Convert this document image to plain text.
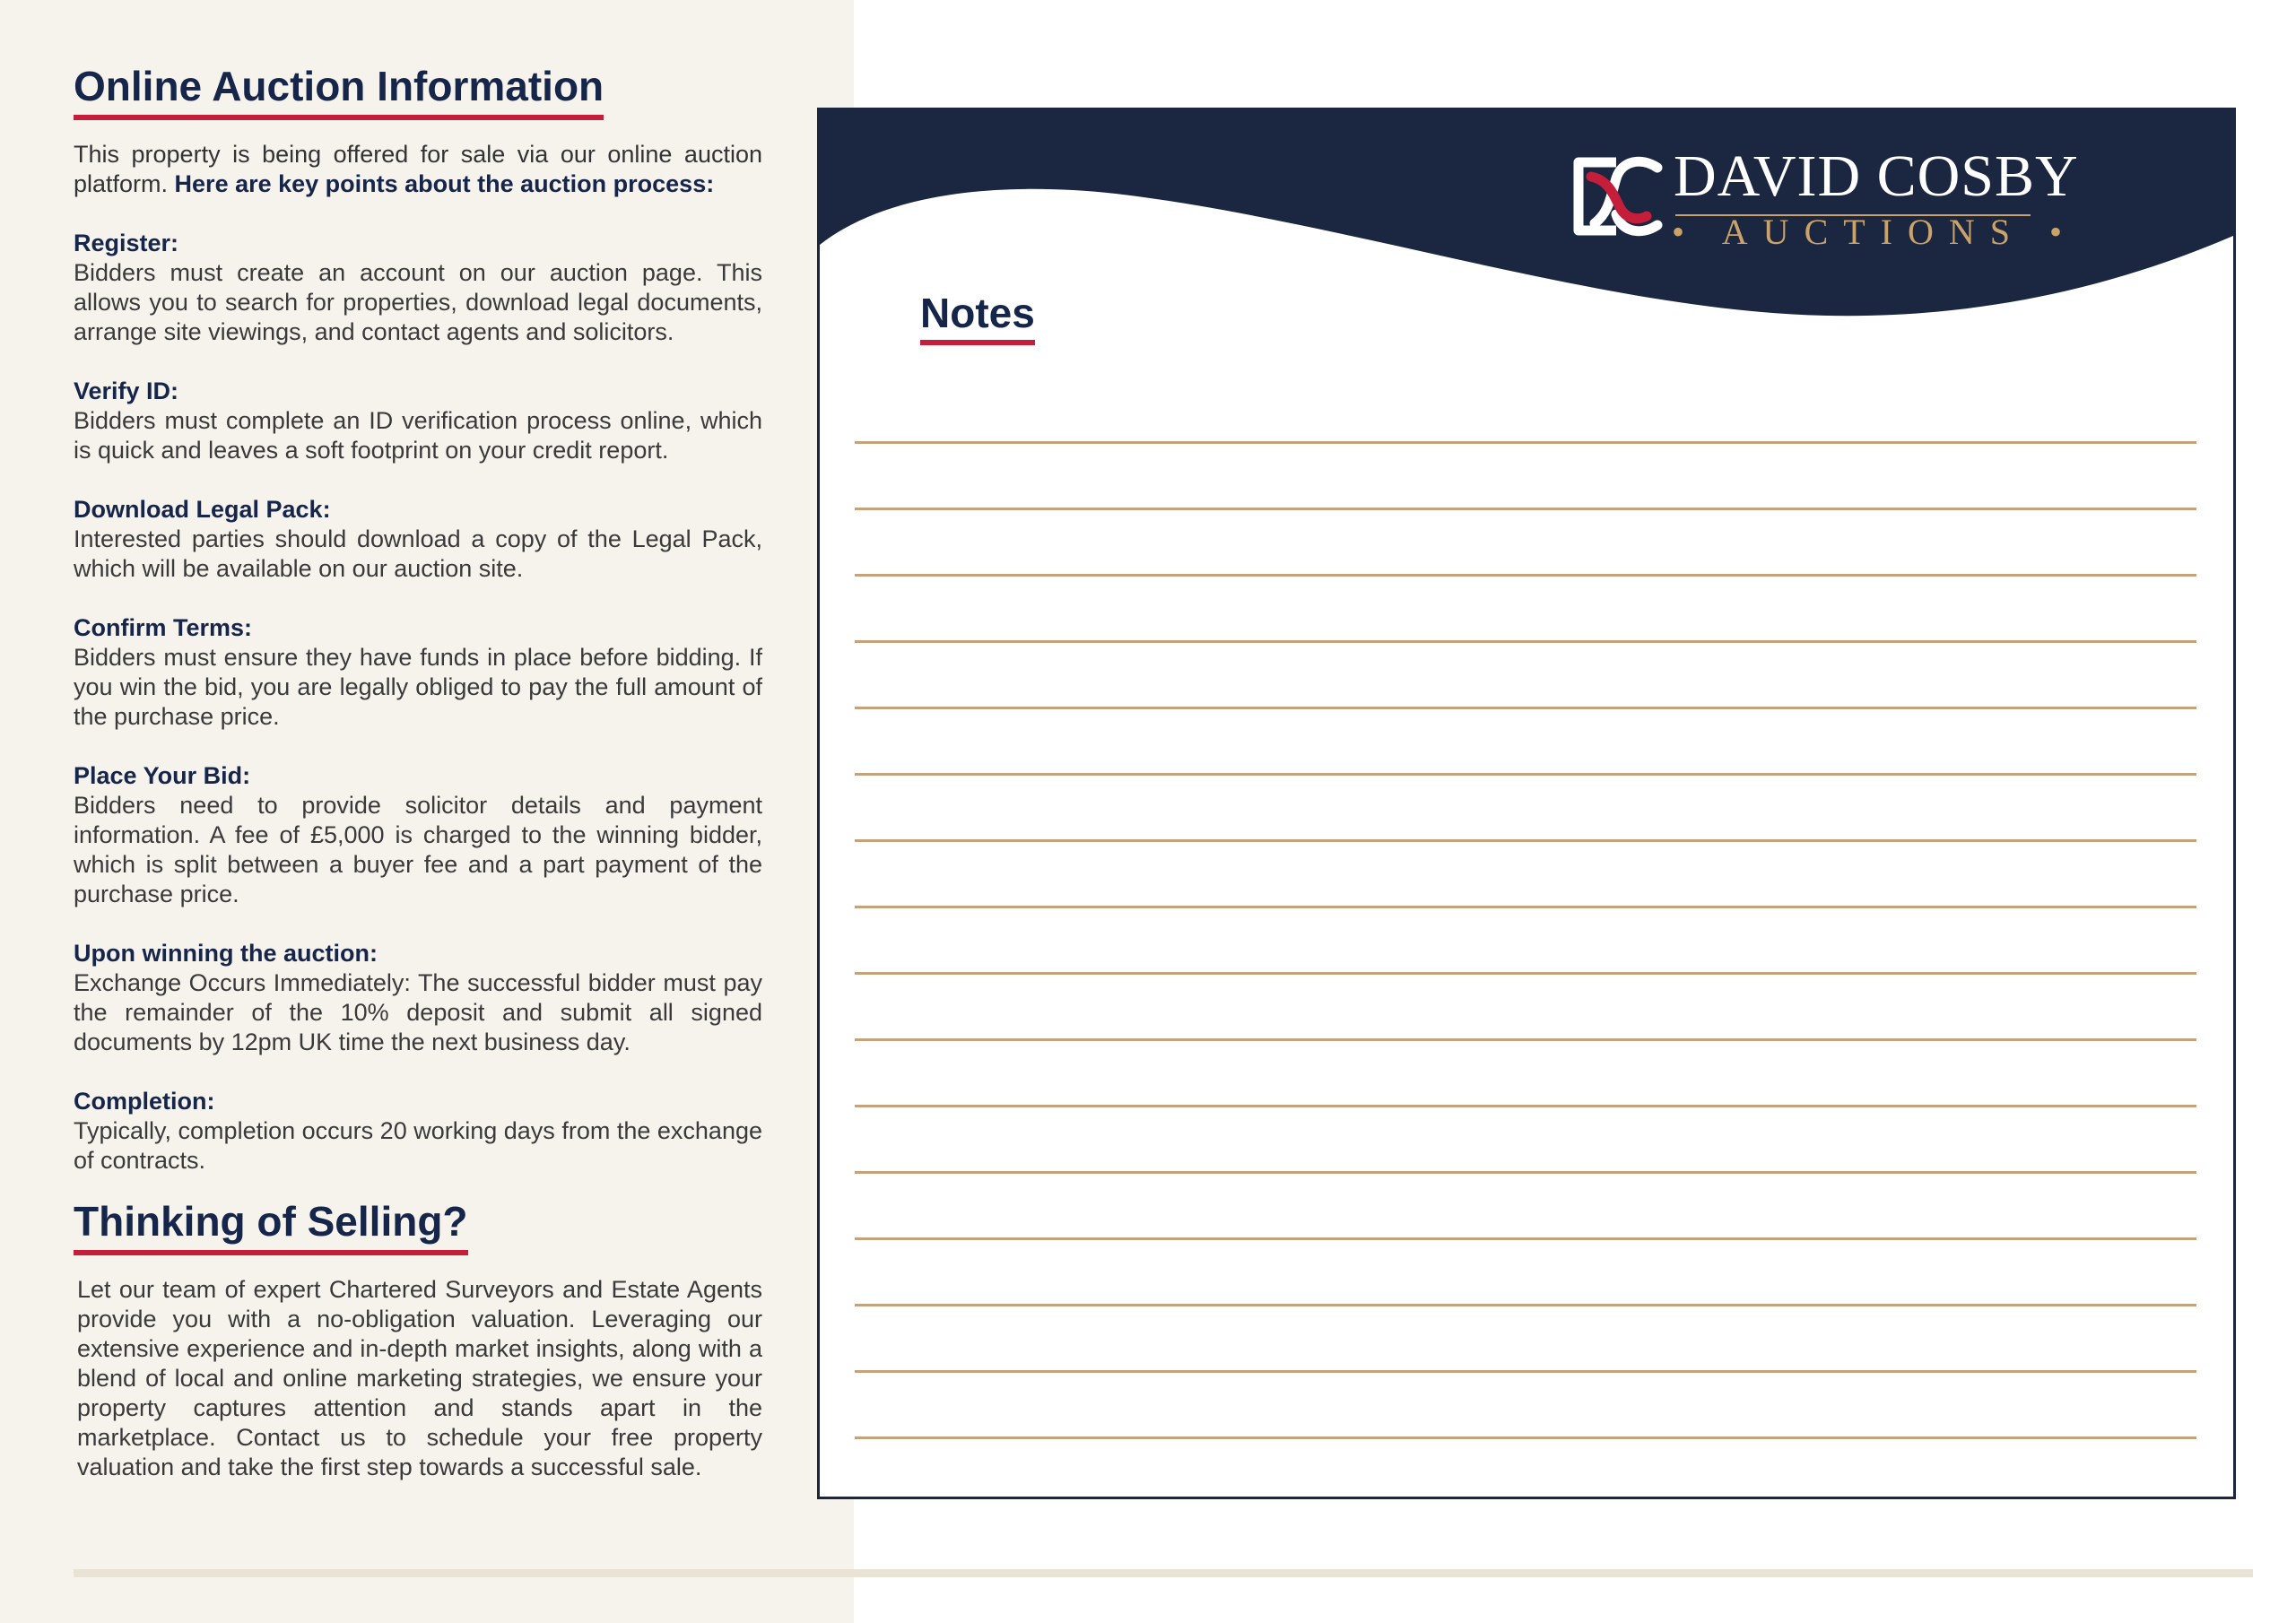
Online Auction Information

This property is being offered for sale via our online auction platform. Here are key points about the auction process:

Register:
Bidders must create an account on our auction page. This allows you to search for properties, download legal documents, arrange site viewings, and contact agents and solicitors.
Verify ID:
Bidders must complete an ID verification process online, which is quick and leaves a soft footprint on your credit report.
Download Legal Pack:
Interested parties should download a copy of the Legal Pack, which will be available on our auction site.
Confirm Terms:
Bidders must ensure they have funds in place before bidding. If you win the bid, you are legally obliged to pay the full amount of the purchase price.
Place Your Bid:
Bidders need to provide solicitor details and payment information. A fee of £5,000 is charged to the winning bidder, which is split between a buyer fee and a part payment of the purchase price.
Upon winning the auction:
Exchange Occurs Immediately: The successful bidder must pay the remainder of the 10% deposit and submit all signed documents by 12pm UK time the next business day.
Completion:
Typically, completion occurs 20 working days from the exchange of contracts.
Thinking of Selling?

Let our team of expert Chartered Surveyors and Estate Agents provide you with a no-obligation valuation. Leveraging our extensive experience and in-depth market insights, along with a blend of local and online marketing strategies, we ensure your property captures attention and stands apart in the marketplace. Contact us to schedule your free property valuation and take the first step towards a successful sale.

DAVID COSBY
• AUCTIONS •
Notes
